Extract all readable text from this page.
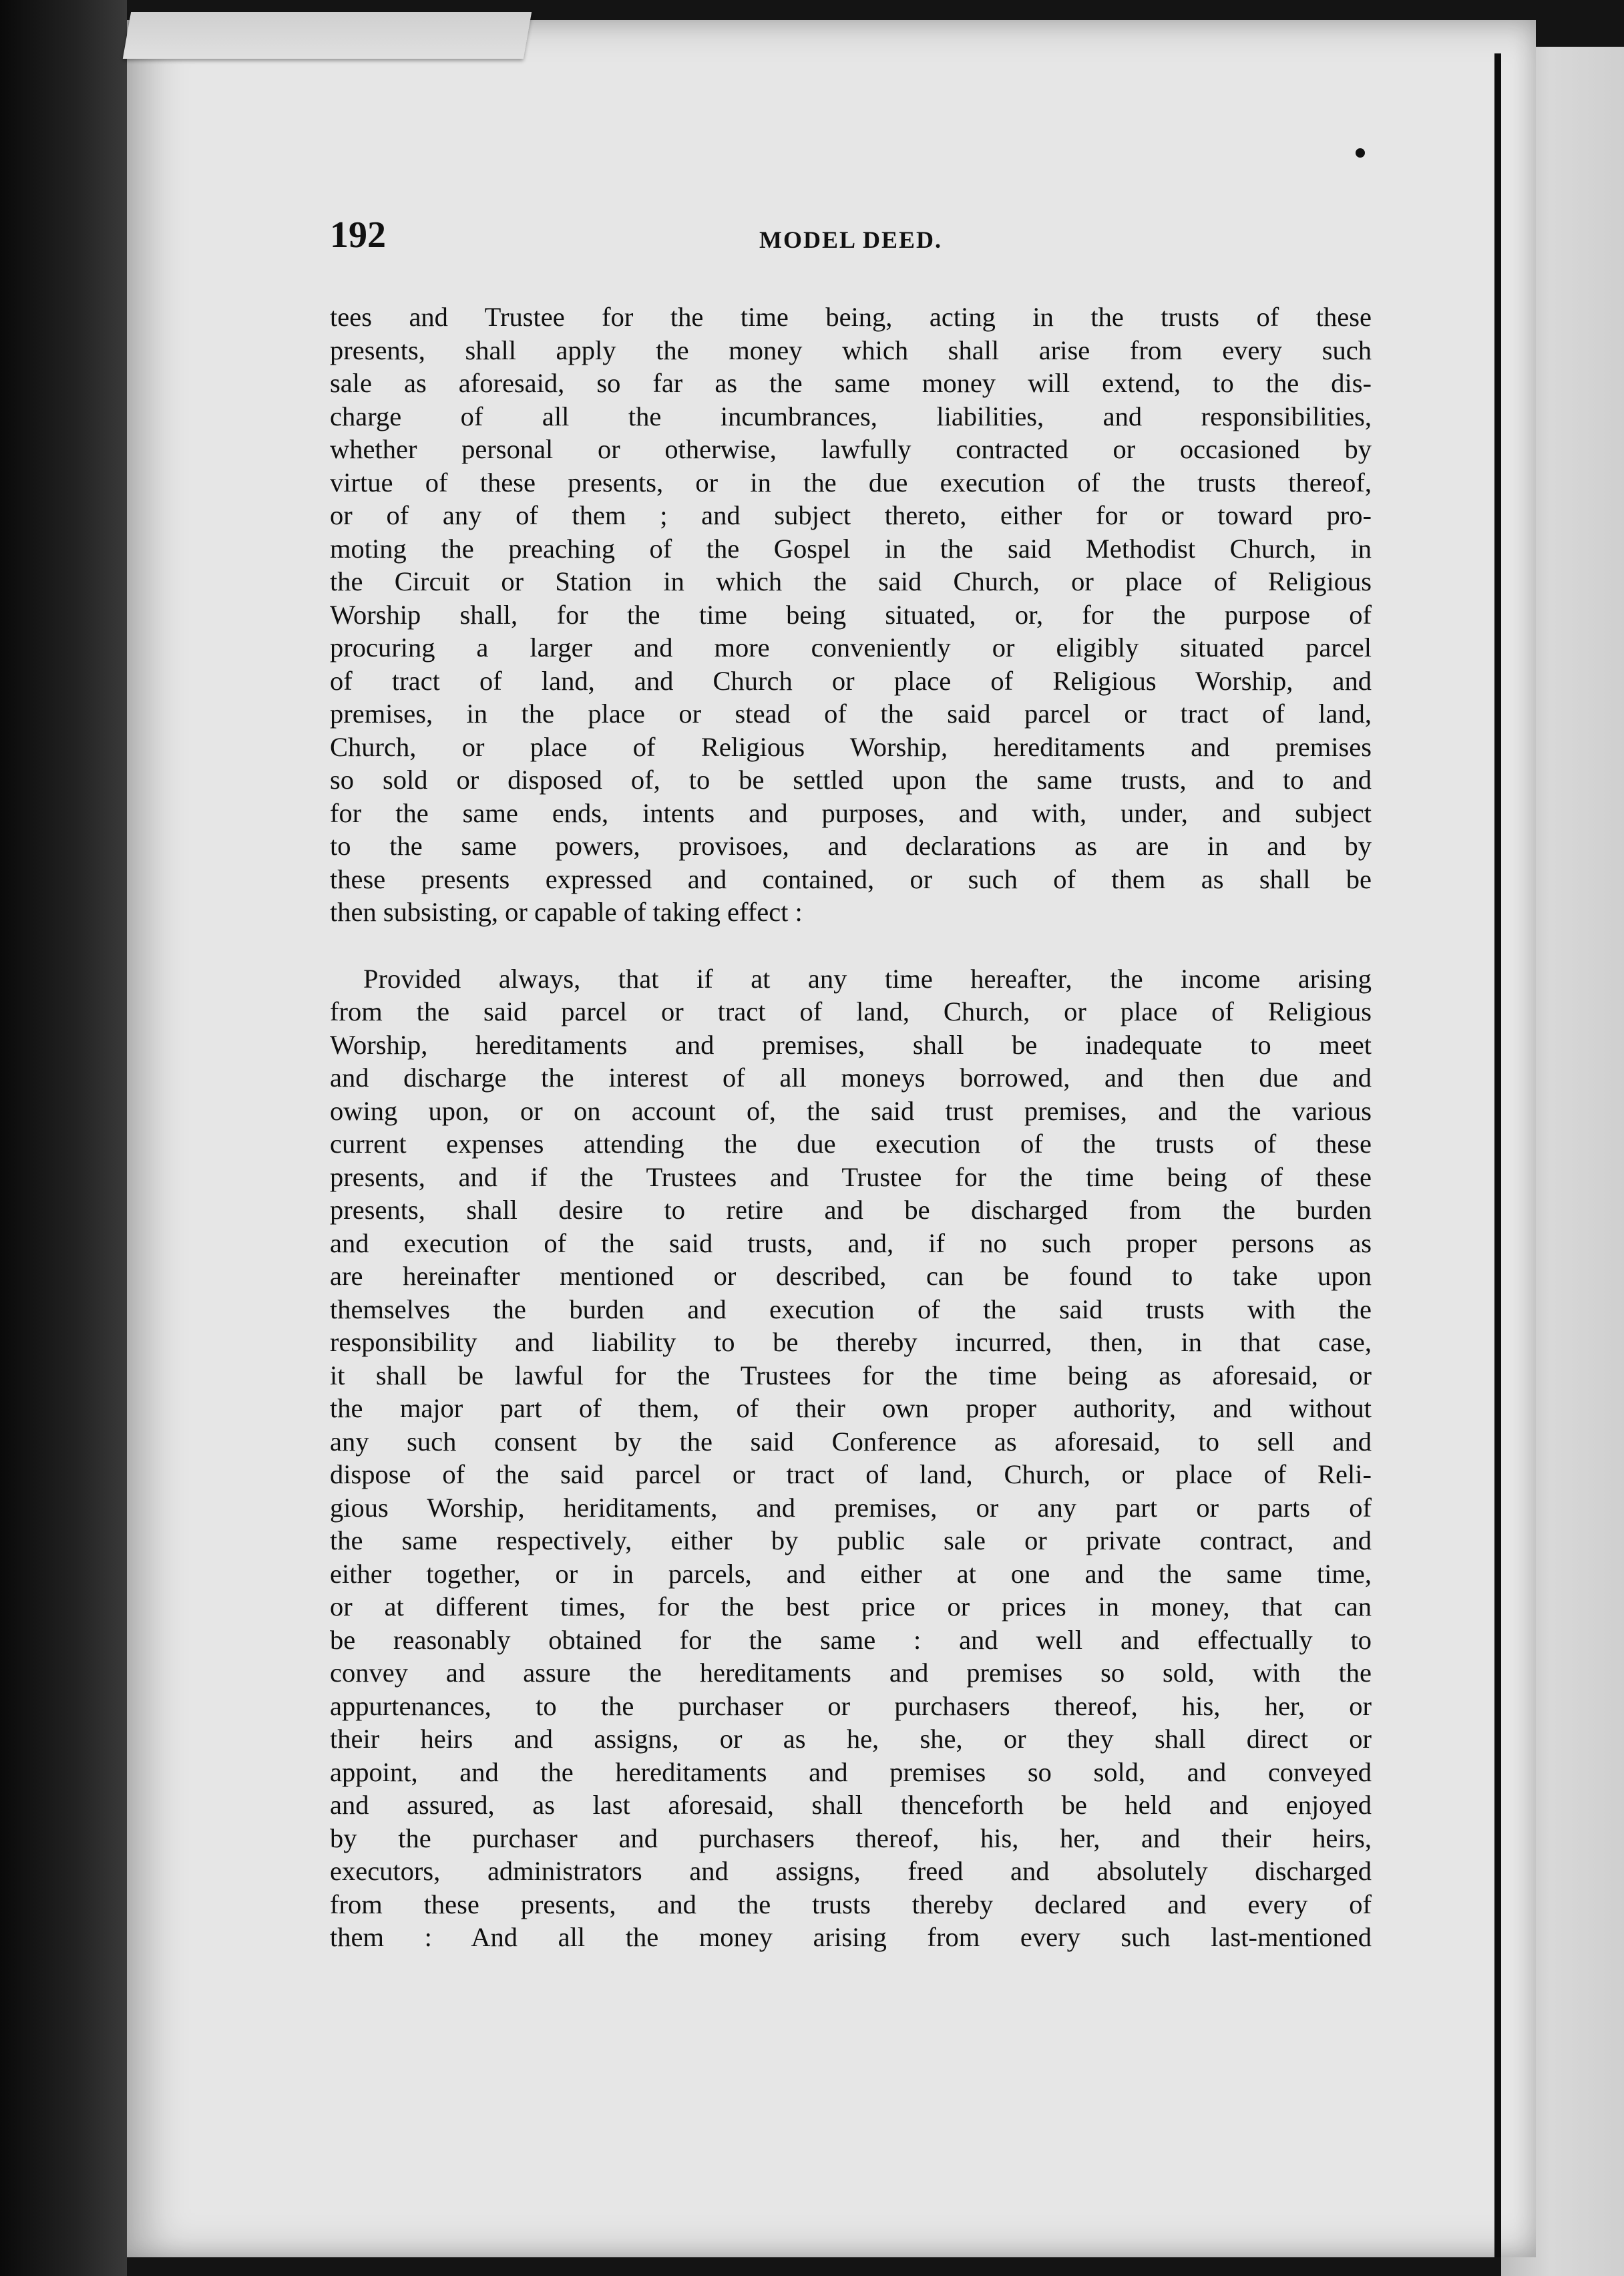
192	MODEL DEED.
tees and Trustee for the time being, acting in the trusts of these
presents, shall apply the money which shall arise from every such
sale as aforesaid, so far as the same money will extend, to the dis-
charge of all the incumbrances, liabilities, and responsibilities,
whether personal or otherwise, lawfully contracted or occasioned by
virtue of these presents, or in the due execution of the trusts thereof,
or of any of them ; and subject thereto, either for or toward pro-
moting the preaching of the Gospel in the said Methodist Church, in
the Circuit or Station in which the said Church, or place of Religious
Worship shall, for the time being situated, or, for the purpose of
procuring a larger and more conveniently or eligibly situated parcel
of tract of land, and Church or place of Religious Worship, and
premises, in the place or stead of the said parcel or tract of land,
Church, or place of Religious Worship, hereditaments and premises
so sold or disposed of, to be settled upon the same trusts, and to and
for the same ends, intents and purposes, and with, under, and subject
to the same powers, provisoes, and declarations as are in and by
these presents expressed and contained, or such of them as shall be
then subsisting, or capable of taking effect :
Provided always, that if at any time hereafter, the income arising
from the said parcel or tract of land, Church, or place of Religious
Worship, hereditaments and premises, shall be inadequate to meet
and discharge the interest of all moneys borrowed, and then due and
owing upon, or on account of, the said trust premises, and the various
current expenses attending the due execution of the trusts of these
presents, and if the Trustees and Trustee for the time being of these
presents, shall desire to retire and be discharged from the burden
and execution of the said trusts, and, if no such proper persons as
are hereinafter mentioned or described, can be found to take upon
themselves the burden and execution of the said trusts with the
responsibility and liability to be thereby incurred, then, in that case,
it shall be lawful for the Trustees for the time being as aforesaid, or
the major part of them, of their own proper authority, and without
any such consent by the said Conference as aforesaid, to sell and
dispose of the said parcel or tract of land, Church, or place of Reli-
gious Worship, heriditaments, and premises, or any part or parts of
the same respectively, either by public sale or private contract, and
either together, or in parcels, and either at one and the same time,
or at different times, for the best price or prices in money, that can
be reasonably obtained for the same : and well and effectually to
convey and assure the hereditaments and premises so sold, with the
appurtenances, to the purchaser or purchasers thereof, his, her, or
their heirs and assigns, or as he, she, or they shall direct or
appoint, and the hereditaments and premises so sold, and conveyed
and assured, as last aforesaid, shall thenceforth be held and enjoyed
by the purchaser and purchasers thereof, his, her, and their heirs,
executors, administrators and assigns, freed and absolutely discharged
from these presents, and the trusts thereby declared and every of
them : And all the money arising from every such last-mentioned
